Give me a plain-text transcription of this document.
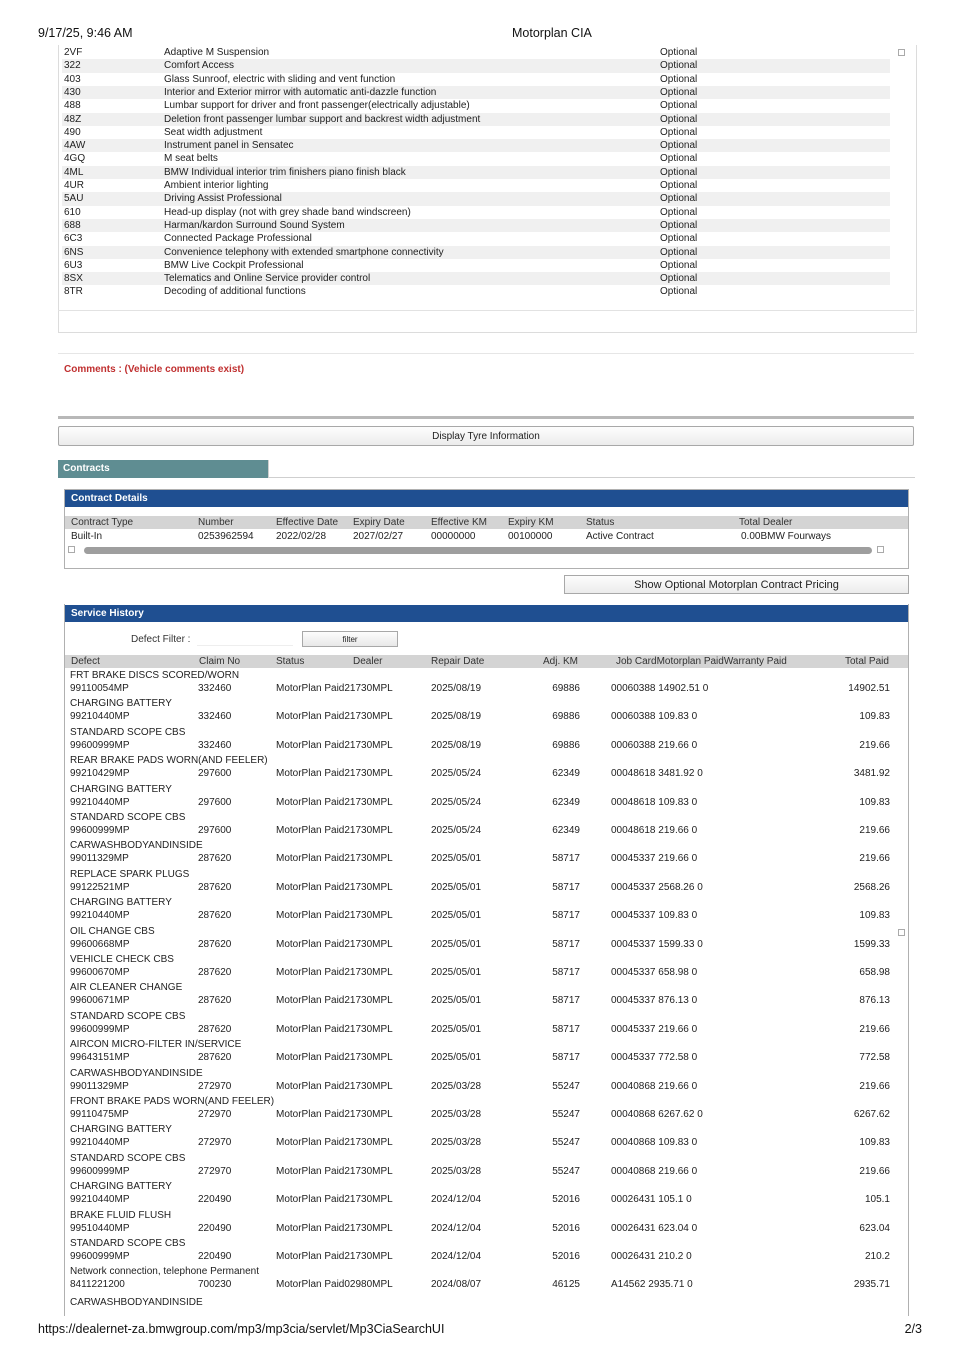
9/17/25, 9:46 AM	Motorplan CIA
2VF	Adaptive M Suspension	Optional
322	Comfort Access	Optional
403	Glass Sunroof, electric with sliding and vent function	Optional
430	Interior and Exterior mirror with automatic anti-dazzle function	Optional
488	Lumbar support for driver and front passenger(electrically adjustable)	Optional
48Z	Deletion front passenger lumbar support and backrest width adjustment	Optional
490	Seat width adjustment	Optional
4AW	Instrument panel in Sensatec	Optional
4GQ	M seat belts	Optional
4ML	BMW Individual interior trim finishers piano finish black	Optional
4UR	Ambient interior lighting	Optional
5AU	Driving Assist Professional	Optional
610	Head-up display (not with grey shade band windscreen)	Optional
688	Harman/kardon Surround Sound System	Optional
6C3	Connected Package Professional	Optional
6NS	Convenience telephony with extended smartphone connectivity	Optional
6U3	BMW Live Cockpit Professional	Optional
8SX	Telematics and Online Service provider control	Optional
8TR	Decoding of additional functions	Optional
Comments : (Vehicle comments exist)
Display Tyre Information
Contracts
Contract Details
Contract Type	Number	Effective Date Expiry Date	Effective KM Expiry KM	Status	Total Dealer
Built-In	0253962594 2022/02/28	2027/02/27	00000000	00100000	Active Contract	0.00BMW Fourways
Show Optional Motorplan Contract Pricing
Service History
Defect Filter :	filter
Defect	Claim No	Status	Dealer	Repair Date	Adj. KM	Job CardMotorplan PaidWarranty Paid	Total Paid
FRT BRAKE DISCS SCORED/WORN
99110054MP	332460	MotorPlan Paid21730MPL	2025/08/19	69886	00060388 14902.51 0	14902.51
CHARGING BATTERY
99210440MP	332460	MotorPlan Paid21730MPL	2025/08/19	69886	00060388 109.83 0	109.83
STANDARD SCOPE CBS
99600999MP	332460	MotorPlan Paid21730MPL	2025/08/19	69886	00060388 219.66 0	219.66
REAR BRAKE PADS WORN(AND FEELER)
99210429MP	297600	MotorPlan Paid21730MPL	2025/05/24	62349	00048618 3481.92 0	3481.92
CHARGING BATTERY
99210440MP	297600	MotorPlan Paid21730MPL	2025/05/24	62349	00048618 109.83 0	109.83
STANDARD SCOPE CBS
99600999MP	297600	MotorPlan Paid21730MPL	2025/05/24	62349	00048618 219.66 0	219.66
CARWASHBODYANDINSIDE
99011329MP	287620	MotorPlan Paid21730MPL	2025/05/01	58717	00045337 219.66 0	219.66
REPLACE SPARK PLUGS
99122521MP	287620	MotorPlan Paid21730MPL	2025/05/01	58717	00045337 2568.26 0	2568.26
CHARGING BATTERY
99210440MP	287620	MotorPlan Paid21730MPL	2025/05/01	58717	00045337 109.83 0	109.83
OIL CHANGE CBS
99600668MP	287620	MotorPlan Paid21730MPL	2025/05/01	58717	00045337 1599.33 0	1599.33
VEHICLE CHECK CBS
99600670MP	287620	MotorPlan Paid21730MPL	2025/05/01	58717	00045337 658.98 0	658.98
AIR CLEANER CHANGE
99600671MP	287620	MotorPlan Paid21730MPL	2025/05/01	58717	00045337 876.13 0	876.13
STANDARD SCOPE CBS
99600999MP	287620	MotorPlan Paid21730MPL	2025/05/01	58717	00045337 219.66 0	219.66
AIRCON MICRO-FILTER IN/SERVICE
99643151MP	287620	MotorPlan Paid21730MPL	2025/05/01	58717	00045337 772.58 0	772.58
CARWASHBODYANDINSIDE
99011329MP	272970	MotorPlan Paid21730MPL	2025/03/28	55247	00040868 219.66 0	219.66
FRONT BRAKE PADS WORN(AND FEELER)
99110475MP	272970	MotorPlan Paid21730MPL	2025/03/28	55247	00040868 6267.62 0	6267.62
CHARGING BATTERY
99210440MP	272970	MotorPlan Paid21730MPL	2025/03/28	55247	00040868 109.83 0	109.83
STANDARD SCOPE CBS
99600999MP	272970	MotorPlan Paid21730MPL	2025/03/28	55247	00040868 219.66 0	219.66
CHARGING BATTERY
99210440MP	220490	MotorPlan Paid21730MPL	2024/12/04	52016	00026431 105.1 0	105.1
BRAKE FLUID FLUSH
99510440MP	220490	MotorPlan Paid21730MPL	2024/12/04	52016	00026431 623.04 0	623.04
STANDARD SCOPE CBS
99600999MP	220490	MotorPlan Paid21730MPL	2024/12/04	52016	00026431 210.2 0	210.2
Network connection, telephone Permanent
8411221200	700230	MotorPlan Paid02980MPL	2024/08/07	46125	A14562 2935.71 0	2935.71
CARWASHBODYANDINSIDE
https://dealernet-za.bmwgroup.com/mp3/mp3cia/servlet/Mp3CiaSearchUI	2/3
